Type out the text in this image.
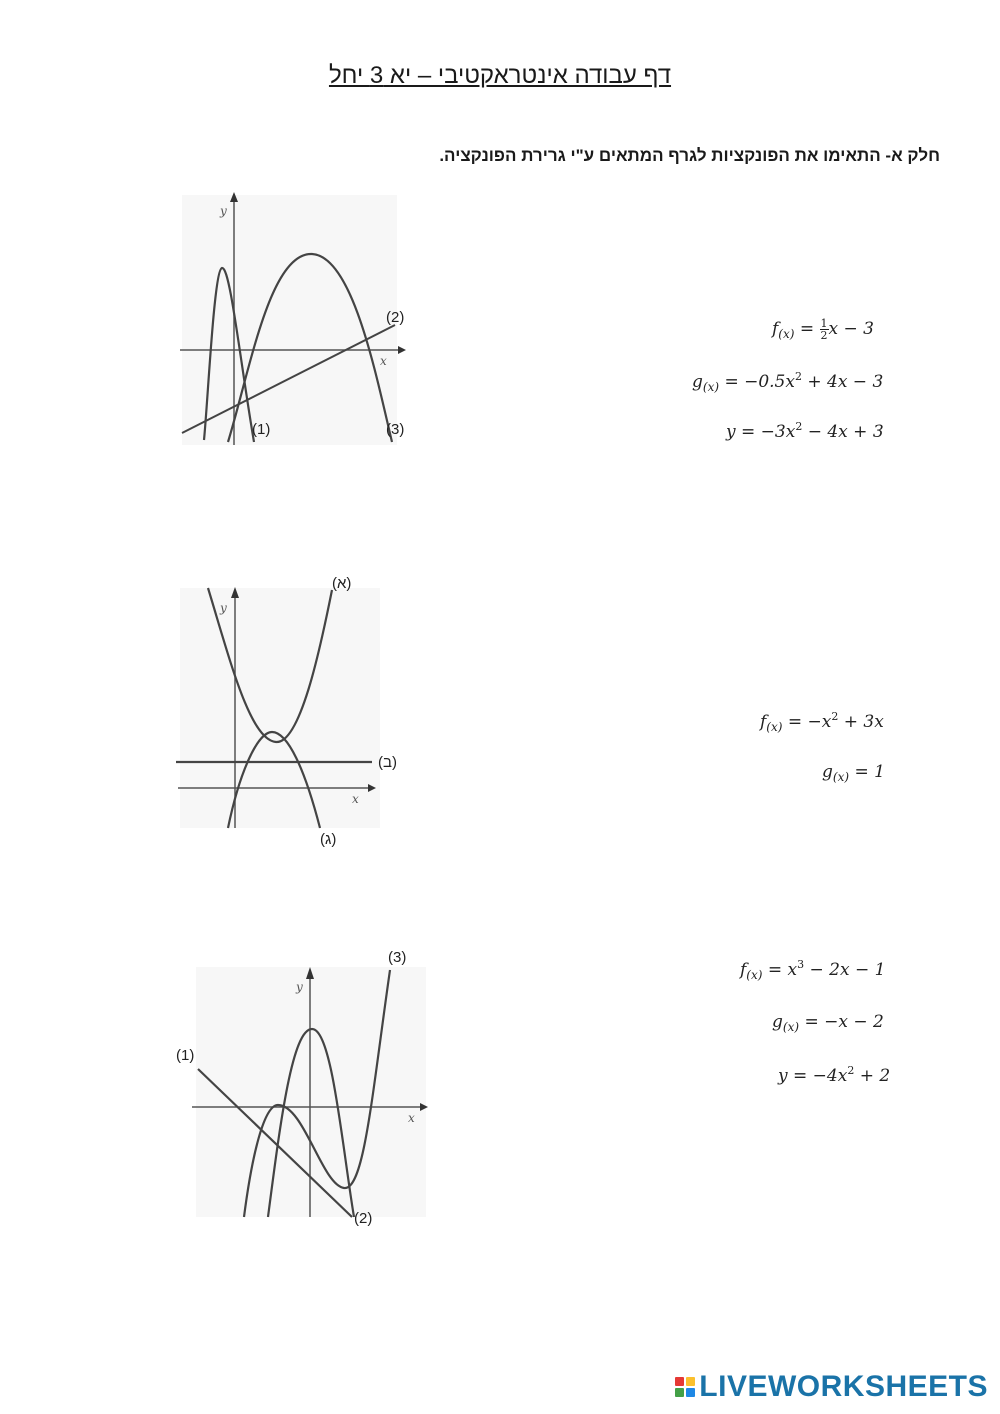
דף עבודה אינטראקטיבי – יא 3 יחל
חלק א- התאימו את הפונקציות לגרף המתאים ע"י גרירת הפונקציה.
y
x
(1)
(2)
(3)
$f_{(x)} = \frac{1}{2}$ x − 3
$g_{(x)} = -0.5x^2 + 4x - 3$
$y = -3x^2 - 4x + 3$
y
x
(א)
(ב)
(ג)
$f_{(x)} = -x^2 + 3x$
$g_{(x)} = 1$
y
x
(1)
(2)
(3)
$f_{(x)} = x^3 - 2x - 1$
$g_{(x)} = -x - 2$
$y = -4x^2 + 2$
LIVEWORKSHEETS
